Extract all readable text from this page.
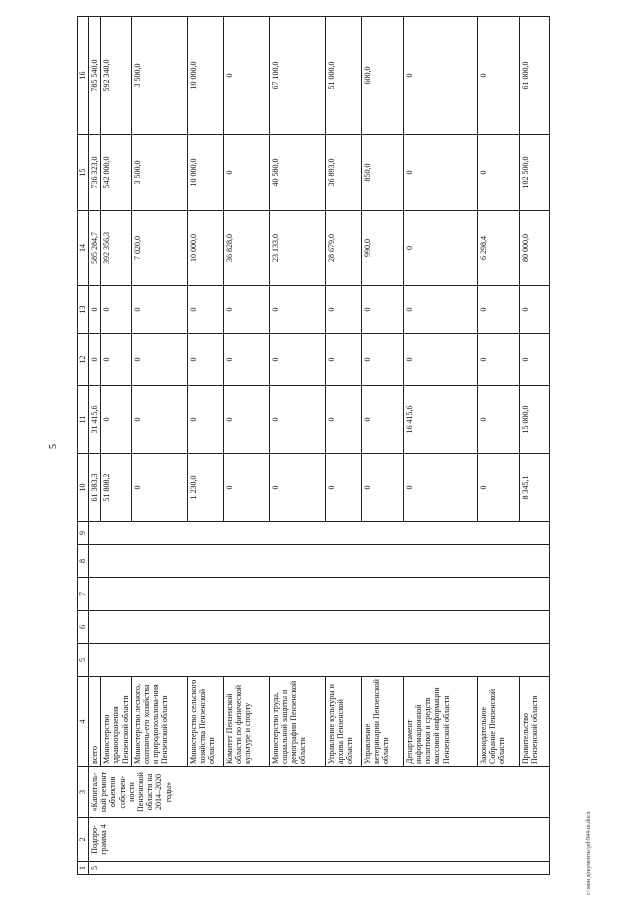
5
1	2	3	4	5	6	7	8	9	10	11	12	13	14	15	16
5	Подпро-грамма 4	«Капиталь-ный ремонт объектов собствен-ности Пензенской области на 2014–2020 годы»	всего						61 383,3	31 415,6	0	0	585 284,7	736 323,0	785 540,0
			Министерство здравоохранения Пензенской области						51 808,2	0	0	0	392 356,3	542 000,0	592 340,0
			Министерство лесного, охотничь-его хозяйства и природопользова-ния Пензенской области						0	0	0	0	7 020,0	3 500,0	3 500,0
			Министерство сельского хозяйства Пензенской области						1 230,0	0	0	0	10 000,0	10 000,0	10 000,0
			Комитет Пензенской области по физической культуре и спорту						0	0	0	0	36 828,0	0	0
			Министерство труда, социальной защиты и демографии Пензенской области						0	0	0	0	23 133,0	40 580,0	67 100,0
			Управление культуры и архива Пензенской области						0	0	0	0	28 679,0	36 893,0	51 000,0
			Управление ветеринарии Пензенской области						0	0	0	0	990,0	850,0	600,0
			Департамент информационной политики и средств массовой информации Пензенской области						0	16 415,6	0	0	0	0	0
			Законодательное Собрание Пензенской области						0	0	0	0	6 298,4	0	0
			Правительство Пензенской области						8 345,1	15 000,0	0	0	80 000,0	102 500,0	61 000,0
c:\мои документы\pd\944-ш.docx
